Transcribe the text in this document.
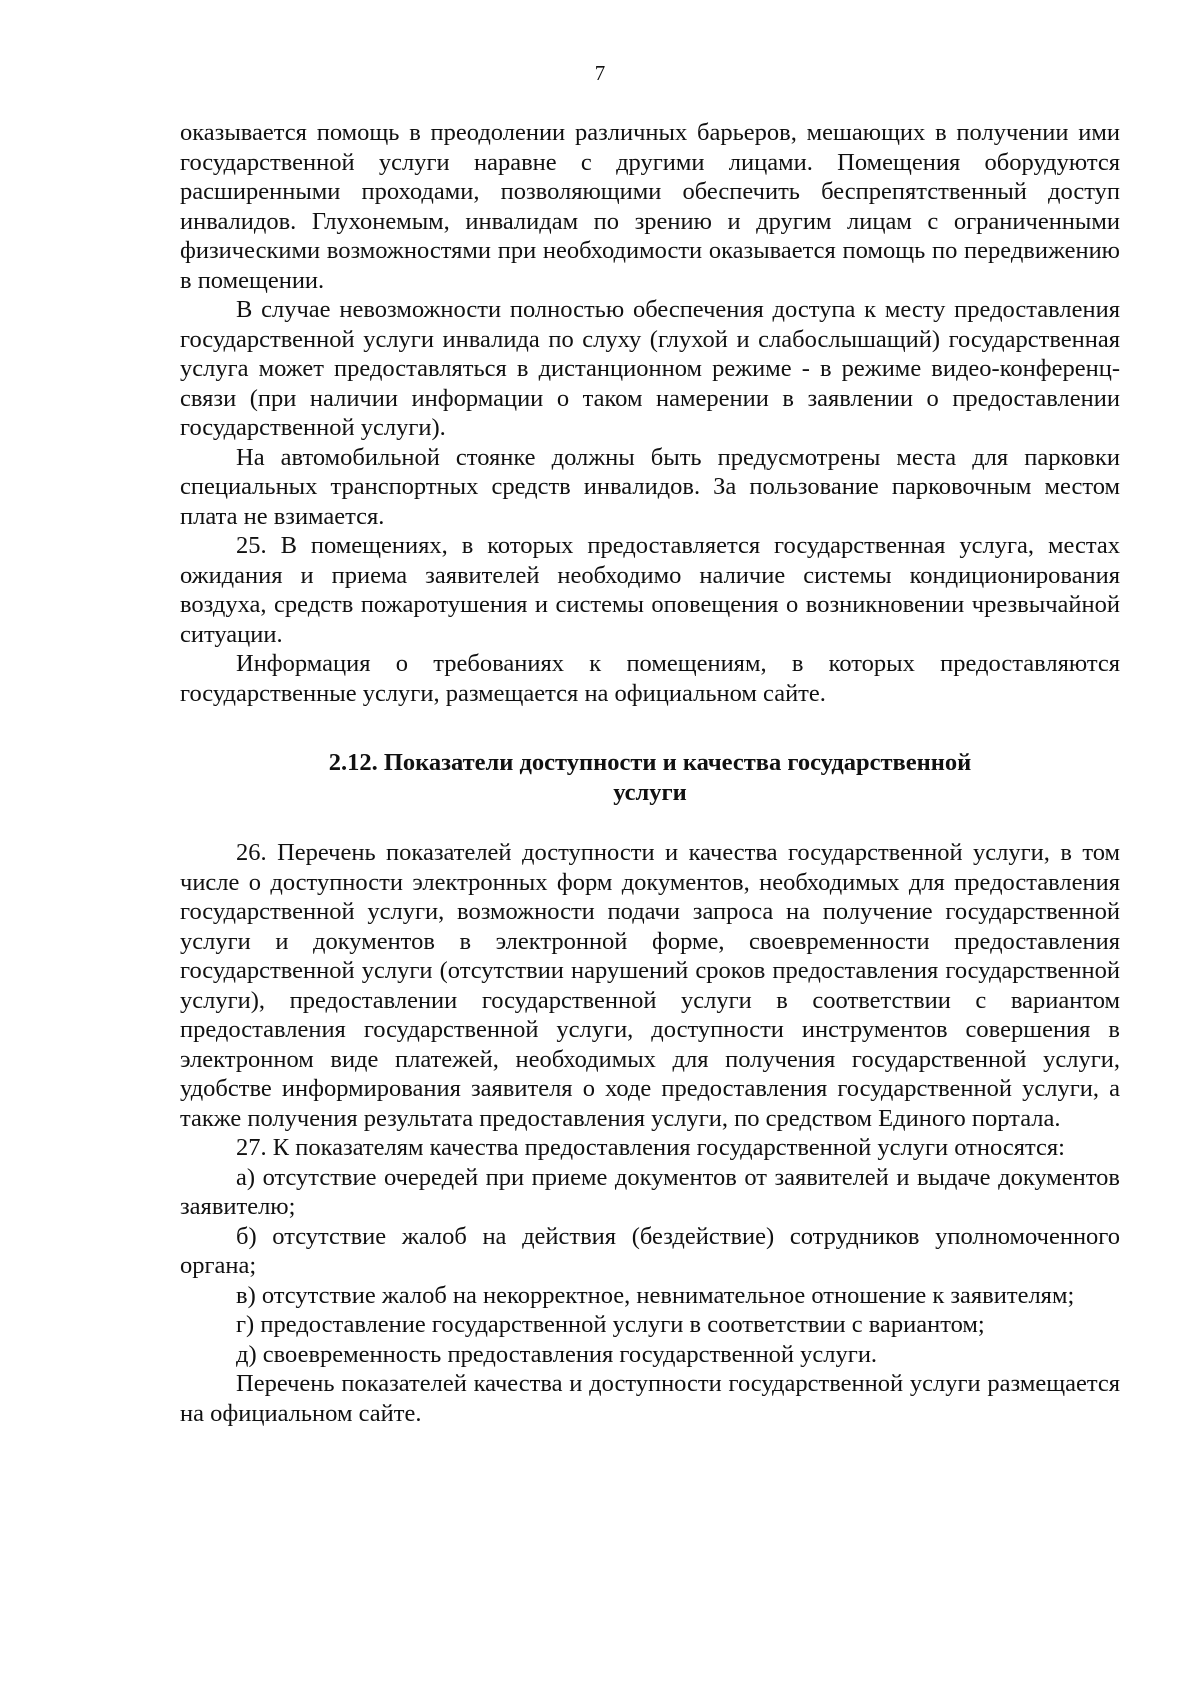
7

оказывается помощь в преодолении различных барьеров, мешающих в получении ими государственной услуги наравне с другими лицами. Помещения оборудуются расширенными проходами, позволяющими обеспечить беспрепятственный доступ инвалидов. Глухонемым, инвалидам по зрению и другим лицам с ограниченными физическими возможностями при необходимости оказывается помощь по передвижению в помещении.

В случае невозможности полностью обеспечения доступа к месту предоставления государственной услуги инвалида по слуху (глухой и слабослышащий) государственная услуга может предоставляться в дистанционном режиме - в режиме видео-конференц-связи (при наличии информации о таком намерении в заявлении о предоставлении государственной услуги).

На автомобильной стоянке должны быть предусмотрены места для парковки специальных транспортных средств инвалидов. За пользование парковочным местом плата не взимается.

25. В помещениях, в которых предоставляется государственная услуга, местах ожидания и приема заявителей необходимо наличие системы кондиционирования воздуха, средств пожаротушения и системы оповещения о возникновении чрезвычайной ситуации.

Информация о требованиях к помещениям, в которых предоставляются государственные услуги, размещается на официальном сайте.

2.12. Показатели доступности и качества государственной
услуги

26. Перечень показателей доступности и качества государственной услуги, в том числе о доступности электронных форм документов, необходимых для предоставления государственной услуги, возможности подачи запроса на получение государственной услуги и документов в электронной форме, своевременности предоставления государственной услуги (отсутствии нарушений сроков предоставления государственной услуги), предоставлении государственной услуги в соответствии с вариантом предоставления государственной услуги, доступности инструментов совершения в электронном виде платежей, необходимых для получения государственной услуги, удобстве информирования заявителя о ходе предоставления государственной услуги, а также получения результата предоставления услуги, по средством Единого портала.

27. К показателям качества предоставления государственной услуги относятся:

а) отсутствие очередей при приеме документов от заявителей и выдаче документов заявителю;

б) отсутствие жалоб на действия (бездействие) сотрудников уполномоченного органа;

в) отсутствие жалоб на некорректное, невнимательное отношение к заявителям;

г) предоставление государственной услуги в соответствии с вариантом;

д) своевременность предоставления государственной услуги.

Перечень показателей качества и доступности государственной услуги размещается на официальном сайте.
